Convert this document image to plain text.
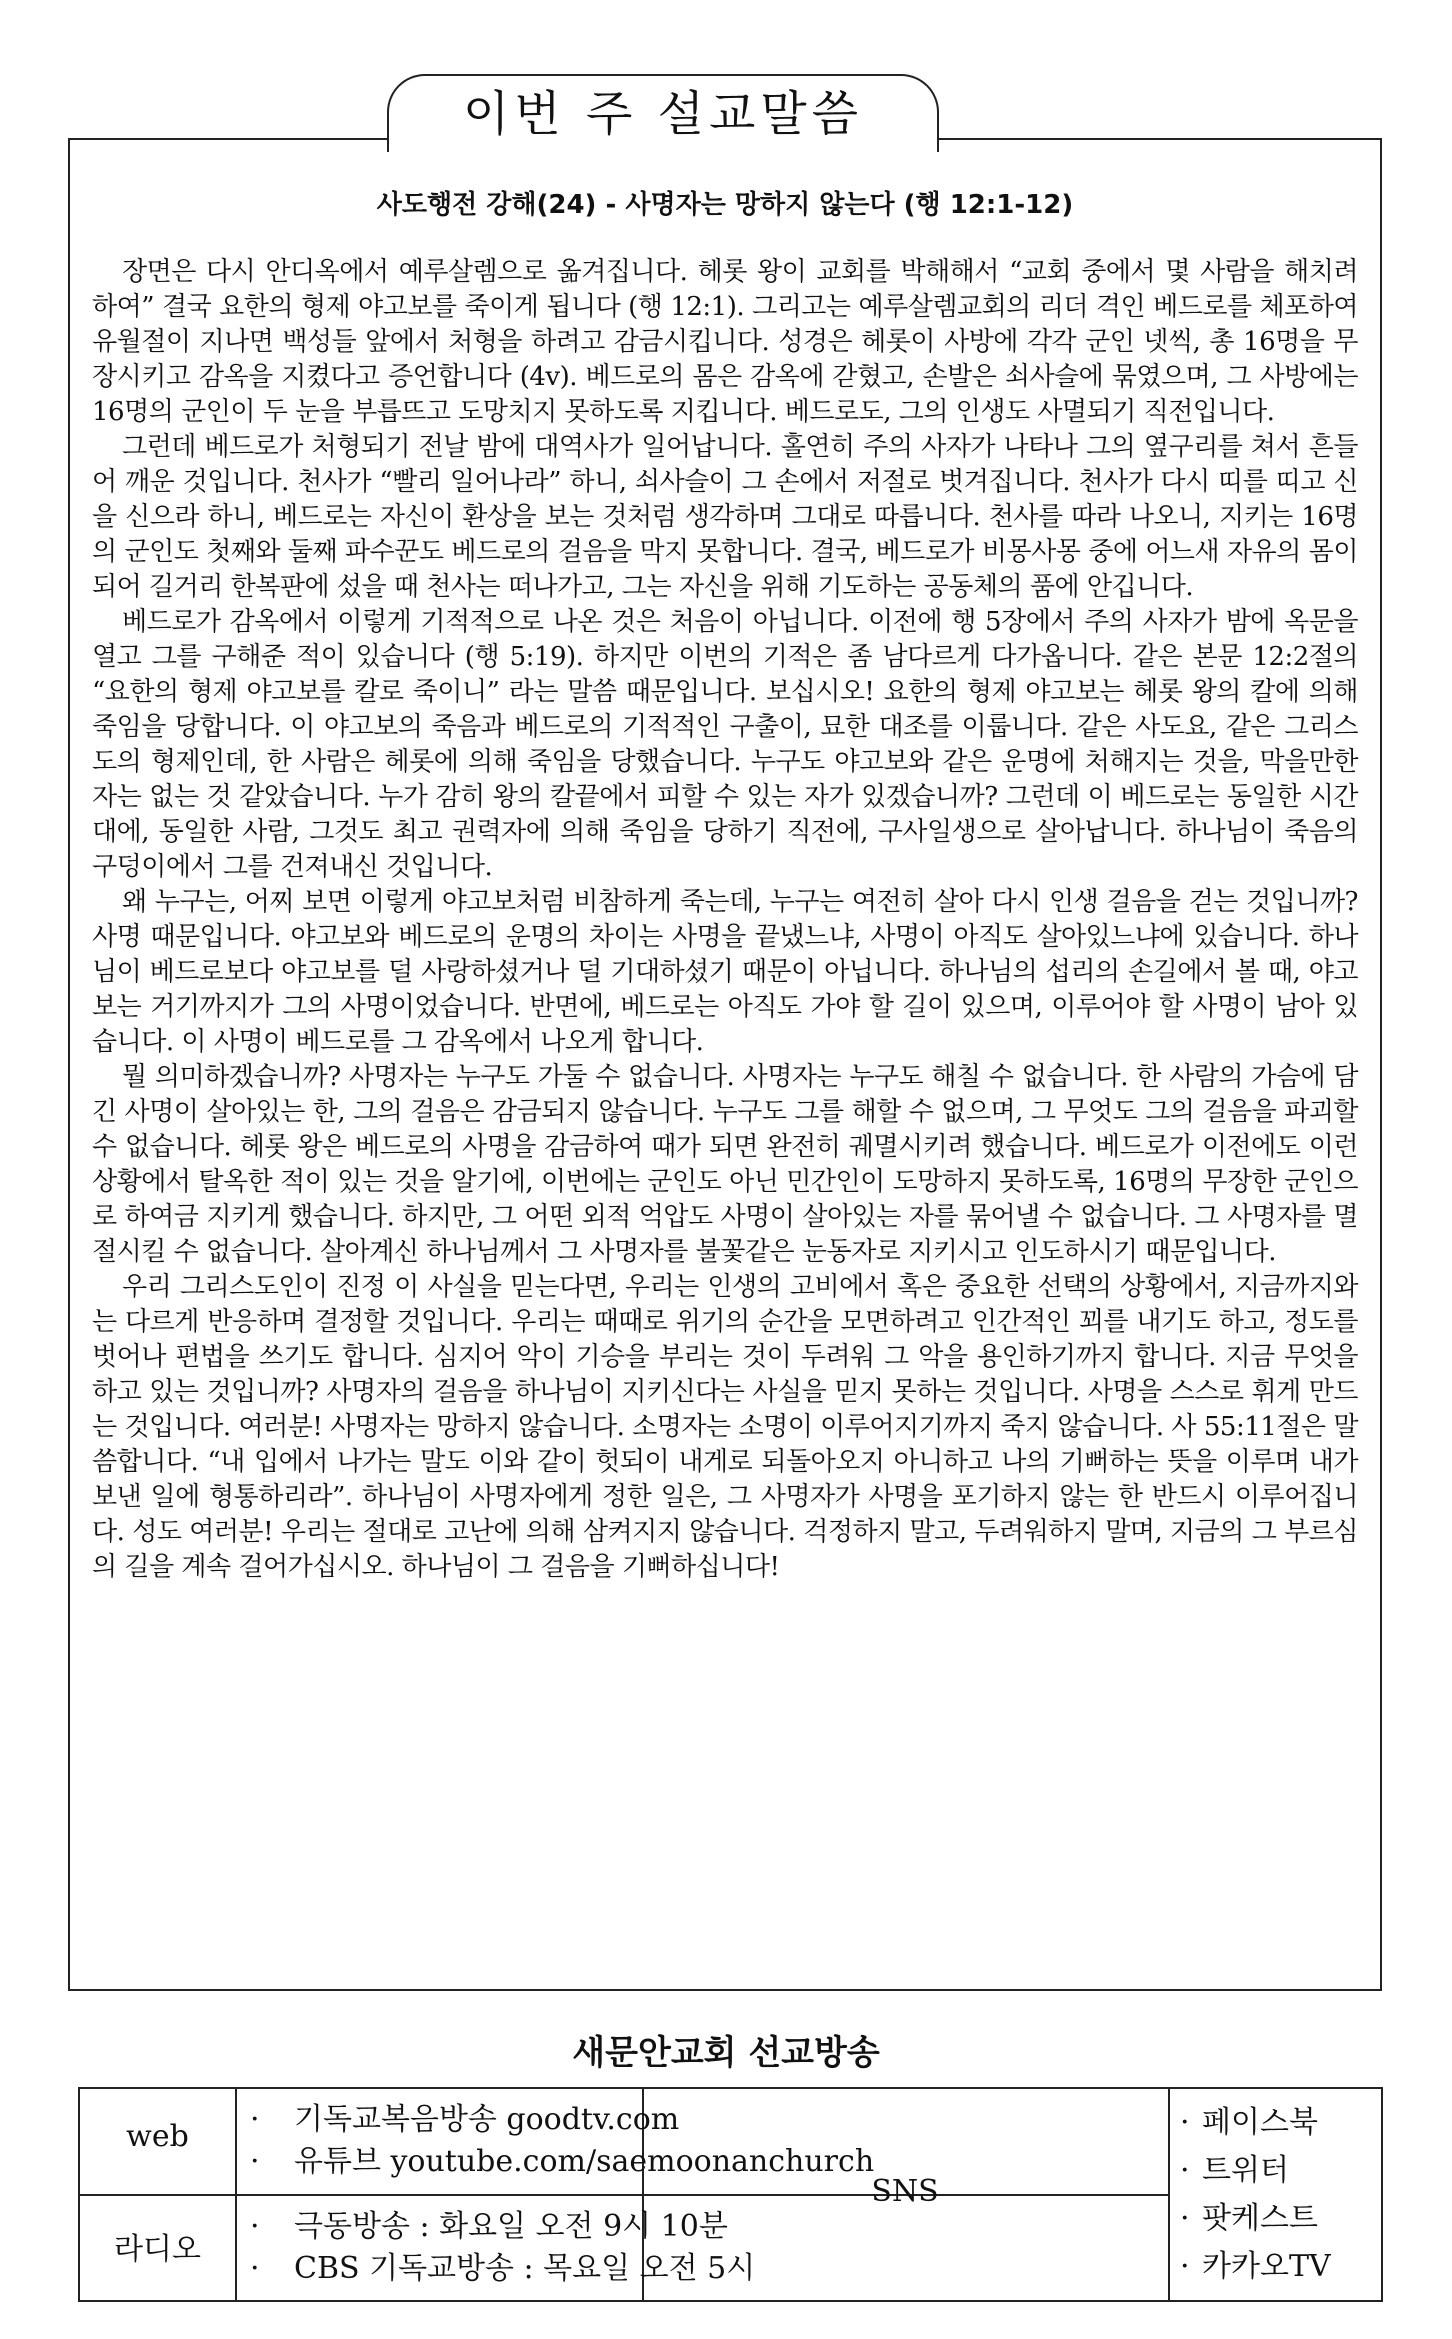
이번 주 설교말씀
사도행전 강해(24) - 사명자는 망하지 않는다 (행 12:1-12)

장면은 다시 안디옥에서 예루살렘으로 옮겨집니다. 헤롯 왕이 교회를 박해해서 “교회 중에서 몇 사람을 해치려 하여” 결국 요한의 형제 야고보를 죽이게 됩니다 (행 12:1). 그리고는 예루살렘교회의 리더 격인 베드로를 체포하여 유월절이 지나면 백성들 앞에서 처형을 하려고 감금시킵니다. 성경은 헤롯이 사방에 각각 군인 넷씩, 총 16명을 무장시키고 감옥을 지켰다고 증언합니다 (4v). 베드로의 몸은 감옥에 갇혔고, 손발은 쇠사슬에 묶였으며, 그 사방에는 16명의 군인이 두 눈을 부릅뜨고 도망치지 못하도록 지킵니다. 베드로도, 그의 인생도 사멸되기 직전입니다.

그런데 베드로가 처형되기 전날 밤에 대역사가 일어납니다. 홀연히 주의 사자가 나타나 그의 옆구리를 쳐서 흔들어 깨운 것입니다. 천사가 “빨리 일어나라” 하니, 쇠사슬이 그 손에서 저절로 벗겨집니다. 천사가 다시 띠를 띠고 신을 신으라 하니, 베드로는 자신이 환상을 보는 것처럼 생각하며 그대로 따릅니다. 천사를 따라 나오니, 지키는 16명의 군인도 첫째와 둘째 파수꾼도 베드로의 걸음을 막지 못합니다. 결국, 베드로가 비몽사몽 중에 어느새 자유의 몸이 되어 길거리 한복판에 섰을 때 천사는 떠나가고, 그는 자신을 위해 기도하는 공동체의 품에 안깁니다.

베드로가 감옥에서 이렇게 기적적으로 나온 것은 처음이 아닙니다. 이전에 행 5장에서 주의 사자가 밤에 옥문을 열고 그를 구해준 적이 있습니다 (행 5:19). 하지만 이번의 기적은 좀 남다르게 다가옵니다. 같은 본문 12:2절의 “요한의 형제 야고보를 칼로 죽이니” 라는 말씀 때문입니다. 보십시오! 요한의 형제 야고보는 헤롯 왕의 칼에 의해 죽임을 당합니다. 이 야고보의 죽음과 베드로의 기적적인 구출이, 묘한 대조를 이룹니다. 같은 사도요, 같은 그리스도의 형제인데, 한 사람은 헤롯에 의해 죽임을 당했습니다. 누구도 야고보와 같은 운명에 처해지는 것을, 막을만한 자는 없는 것 같았습니다. 누가 감히 왕의 칼끝에서 피할 수 있는 자가 있겠습니까? 그런데 이 베드로는 동일한 시간대에, 동일한 사람, 그것도 최고 권력자에 의해 죽임을 당하기 직전에, 구사일생으로 살아납니다. 하나님이 죽음의 구덩이에서 그를 건져내신 것입니다.

왜 누구는, 어찌 보면 이렇게 야고보처럼 비참하게 죽는데, 누구는 여전히 살아 다시 인생 걸음을 걷는 것입니까? 사명 때문입니다. 야고보와 베드로의 운명의 차이는 사명을 끝냈느냐, 사명이 아직도 살아있느냐에 있습니다. 하나님이 베드로보다 야고보를 덜 사랑하셨거나 덜 기대하셨기 때문이 아닙니다. 하나님의 섭리의 손길에서 볼 때, 야고보는 거기까지가 그의 사명이었습니다. 반면에, 베드로는 아직도 가야 할 길이 있으며, 이루어야 할 사명이 남아 있습니다. 이 사명이 베드로를 그 감옥에서 나오게 합니다.

뭘 의미하겠습니까? 사명자는 누구도 가둘 수 없습니다. 사명자는 누구도 해칠 수 없습니다. 한 사람의 가슴에 담긴 사명이 살아있는 한, 그의 걸음은 감금되지 않습니다. 누구도 그를 해할 수 없으며, 그 무엇도 그의 걸음을 파괴할 수 없습니다. 헤롯 왕은 베드로의 사명을 감금하여 때가 되면 완전히 궤멸시키려 했습니다. 베드로가 이전에도 이런 상황에서 탈옥한 적이 있는 것을 알기에, 이번에는 군인도 아닌 민간인이 도망하지 못하도록, 16명의 무장한 군인으로 하여금 지키게 했습니다. 하지만, 그 어떤 외적 억압도 사명이 살아있는 자를 묶어낼 수 없습니다. 그 사명자를 멸절시킬 수 없습니다. 살아계신 하나님께서 그 사명자를 불꽃같은 눈동자로 지키시고 인도하시기 때문입니다.

우리 그리스도인이 진정 이 사실을 믿는다면, 우리는 인생의 고비에서 혹은 중요한 선택의 상황에서, 지금까지와는 다르게 반응하며 결정할 것입니다. 우리는 때때로 위기의 순간을 모면하려고 인간적인 꾀를 내기도 하고, 정도를 벗어나 편법을 쓰기도 합니다. 심지어 악이 기승을 부리는 것이 두려워 그 악을 용인하기까지 합니다. 지금 무엇을 하고 있는 것입니까? 사명자의 걸음을 하나님이 지키신다는 사실을 믿지 못하는 것입니다. 사명을 스스로 휘게 만드는 것입니다. 여러분! 사명자는 망하지 않습니다. 소명자는 소명이 이루어지기까지 죽지 않습니다. 사 55:11절은 말씀합니다. “내 입에서 나가는 말도 이와 같이 헛되이 내게로 되돌아오지 아니하고 나의 기뻐하는 뜻을 이루며 내가 보낸 일에 형통하리라”. 하나님이 사명자에게 정한 일은, 그 사명자가 사명을 포기하지 않는 한 반드시 이루어집니다. 성도 여러분! 우리는 절대로 고난에 의해 삼켜지지 않습니다. 걱정하지 말고, 두려워하지 말며, 지금의 그 부르심의 길을 계속 걸어가십시오. 하나님이 그 걸음을 기뻐하십니다!

새문안교회 선교방송
web	· 기독교복음방송 goodtv.com
· 유튜브 youtube.com/saemoonanchurch
라디오
· 극동방송 : 화요일 오전 9시 10분
· CBS 기독교방송 : 목요일 오전 5시
SNS
· 페이스북
· 트위터
· 팟케스트
· 카카오TV
